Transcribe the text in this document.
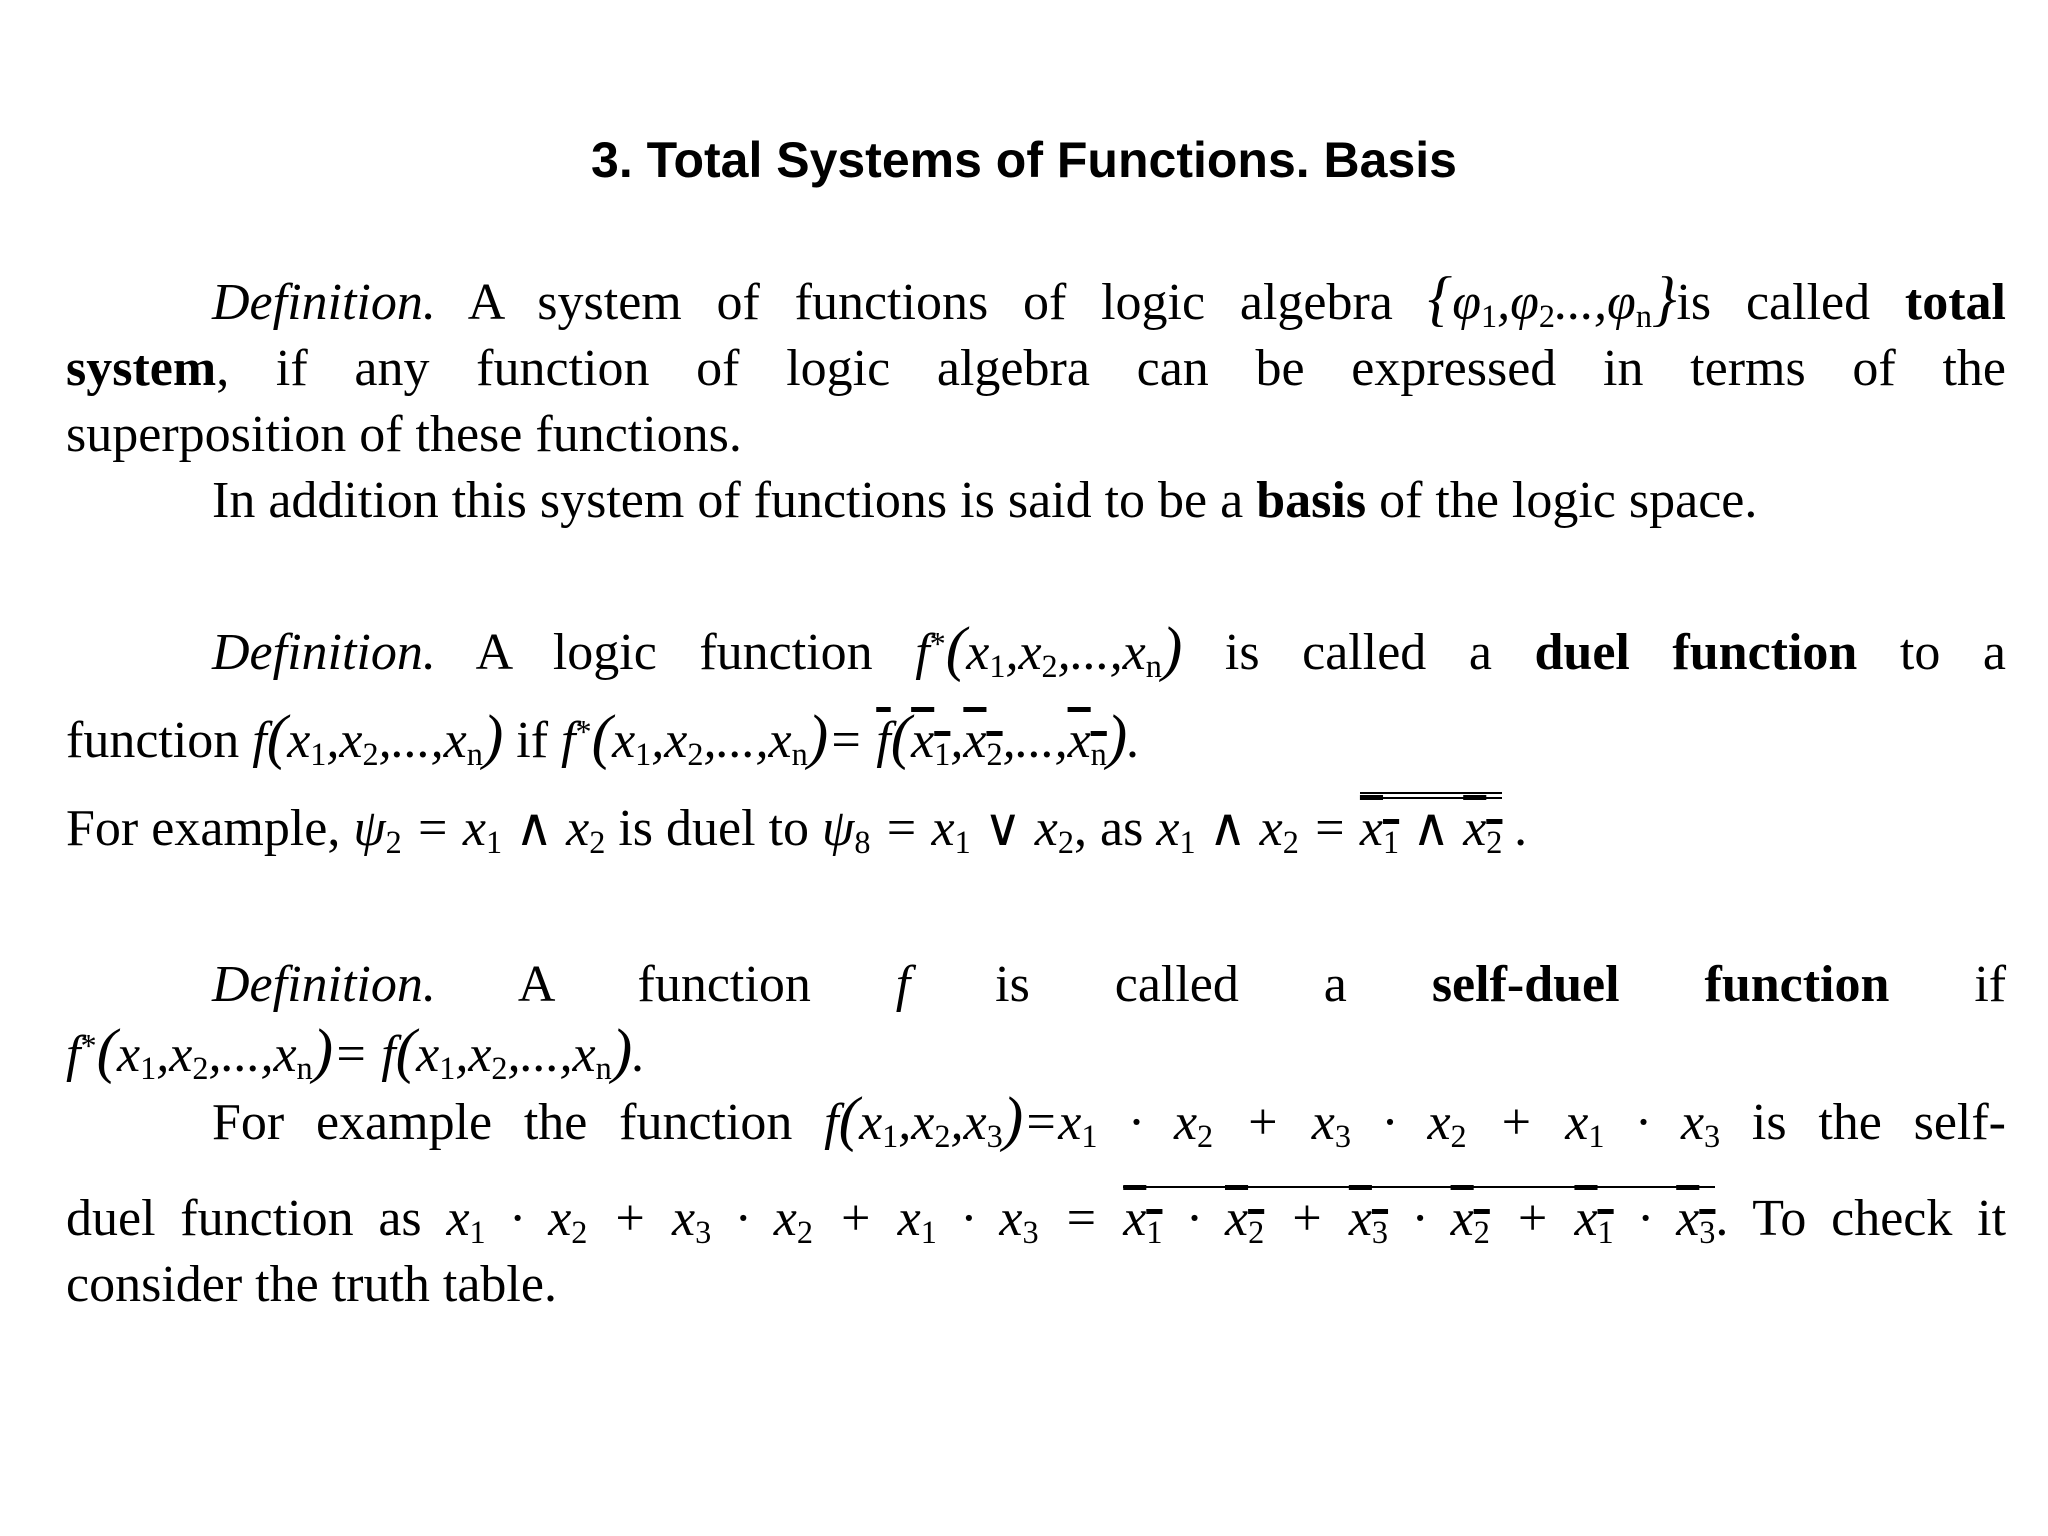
3. Total Systems of Functions. Basis
Definition. A system of functions of logic algebra $\{\varphi_1,\varphi_2...,\varphi_n\}is$ called total
system, if any function of logic algebra can be expressed in terms of the
superposition of these functions.
In addition this system of functions is said to be a basis of the logic space.
Definition. A logic function $f^*(x_1,x_2,...,x_n)$ is called a duel function to a
function $f(x_1,x_2,...,x_n)$ if $f^*(x_1,x_2,...,x_n)= \overline{f}(x_1,x_2,...,x_n)$.
For example, $\psi_2 = x_1$ ∧ $x_2$ is duel to $\psi_8 = x_1$ ∨ $x_2$, as $x_1$ ∧ $x_2 = x_1$ ∧ $x_2$ .
Definition. A function f is called a self-duel function if
$f^*(x_1,x_2,...,x_n)= f(x_1,x_2,...,x_n)$.
For example the function $f(x_1,x_2,x_3)=x_1 \cdot x_2 + x_3 \cdot x_2 + x_1 \cdot x_3$ is the self-
duel function as $x_1 \cdot x_2 + x_3 \cdot x_2 + x_1 \cdot x_3 = x_1 \cdot x_2 + x_3 \cdot x_2 + x_1 \cdot x_3$. To check it
consider the truth table.
